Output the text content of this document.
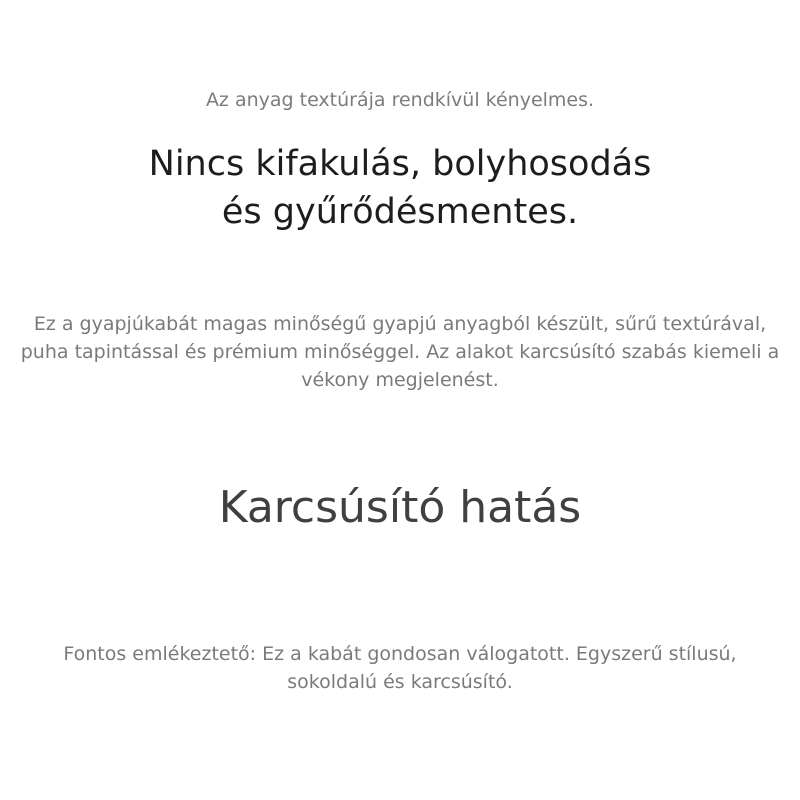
Az anyag textúrája rendkívül kényelmes.
Nincs kifakulás, bolyhosodás
és gyűrődésmentes.
Ez a gyapjúkabát magas minőségű gyapjú anyagból készült, sűrű textúrával, puha tapintással és prémium minőséggel. Az alakot karcsúsító szabás kiemeli a vékony megjelenést.
Karcsúsító hatás
Fontos emlékeztető: Ez a kabát gondosan válogatott. Egyszerű stílusú, sokoldalú és karcsúsító.
